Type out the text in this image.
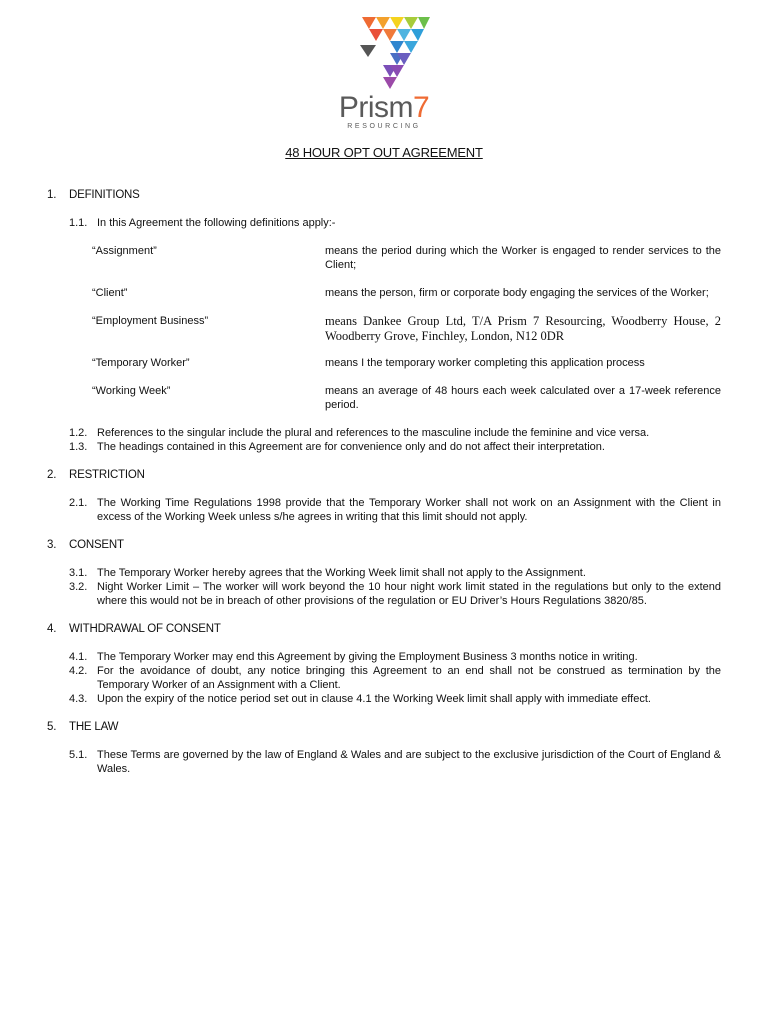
Prism7
RESOURCING
48 HOUR OPT OUT AGREEMENT
1. DEFINITIONS
1.1. In this Agreement the following definitions apply:-
“Assignment”	means the period during which the Worker is engaged to render services to the Client;
“Client”	means the person, firm or corporate body engaging the services of the Worker;
“Employment Business”	means Dankee Group Ltd, T/A Prism 7 Resourcing, Woodberry House, 2 Woodberry Grove, Finchley, London, N12 0DR
“Temporary Worker”	means I the temporary worker completing this application process
“Working Week”	means an average of 48 hours each week calculated over a 17-week reference period.
1.2. References to the singular include the plural and references to the masculine include the feminine and vice versa.
1.3. The headings contained in this Agreement are for convenience only and do not affect their interpretation.
2. RESTRICTION
2.1. The Working Time Regulations 1998 provide that the Temporary Worker shall not work on an Assignment with the Client in excess of the Working Week unless s/he agrees in writing that this limit should not apply.
3. CONSENT
3.1. The Temporary Worker hereby agrees that the Working Week limit shall not apply to the Assignment.
3.2. Night Worker Limit – The worker will work beyond the 10 hour night work limit stated in the regulations but only to the extend where this would not be in breach of other provisions of the regulation or EU Driver’s Hours Regulations 3820/85.
4. WITHDRAWAL OF CONSENT
4.1. The Temporary Worker may end this Agreement by giving the Employment Business 3 months notice in writing.
4.2. For the avoidance of doubt, any notice bringing this Agreement to an end shall not be construed as termination by the Temporary Worker of an Assignment with a Client.
4.3. Upon the expiry of the notice period set out in clause 4.1 the Working Week limit shall apply with immediate effect.
5. THE LAW
5.1. These Terms are governed by the law of England & Wales and are subject to the exclusive jurisdiction of the Court of England & Wales.
